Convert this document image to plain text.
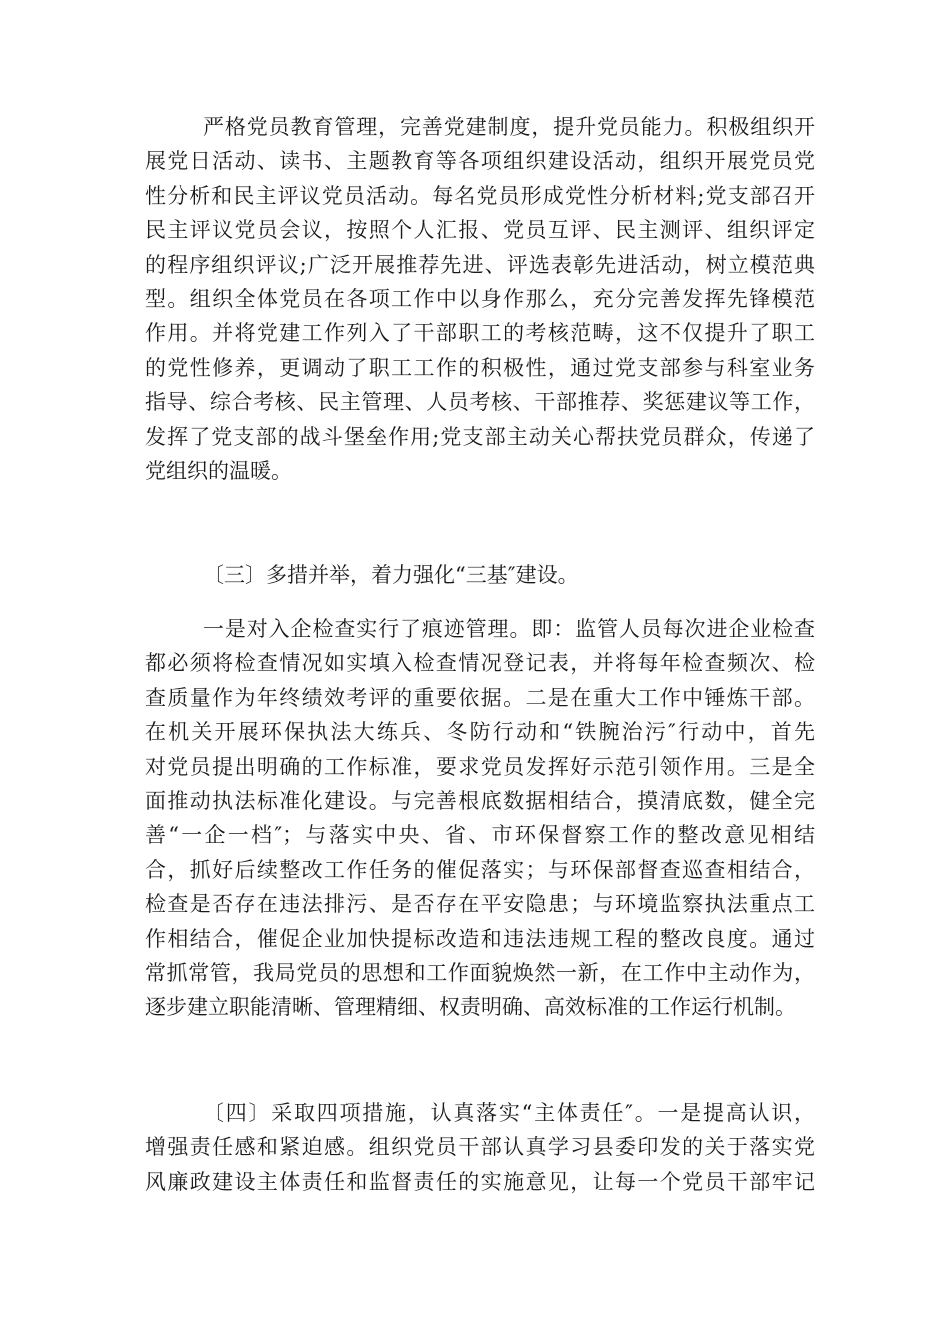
严格党员教育管理，完善党建制度，提升党员能力。积极组织开
展党日活动、读书、主题教育等各项组织建设活动，组织开展党员党
性分析和民主评议党员活动。每名党员形成党性分析材料;党支部召开
民主评议党员会议，按照个人汇报、党员互评、民主测评、组织评定
的程序组织评议;广泛开展推荐先进、评选表彰先进活动，树立模范典
型。组织全体党员在各项工作中以身作那么，充分完善发挥先锋模范
作用。并将党建工作列入了干部职工的考核范畴，这不仅提升了职工
的党性修养，更调动了职工工作的积极性，通过党支部参与科室业务
指导、综合考核、民主管理、人员考核、干部推荐、奖惩建议等工作，
发挥了党支部的战斗堡垒作用;党支部主动关心帮扶党员群众，传递了
党组织的温暖。
〔三〕多措并举，着力强化“三基″建设。
一是对入企检查实行了痕迹管理。即：监管人员每次进企业检查
都必须将检查情况如实填入检查情况登记表，并将每年检查频次、检
查质量作为年终绩效考评的重要依据。二是在重大工作中锤炼干部。
在机关开展环保执法大练兵、冬防行动和“铁腕治污″行动中，首先
对党员提出明确的工作标准，要求党员发挥好示范引领作用。三是全
面推动执法标准化建设。与完善根底数据相结合，摸清底数，健全完
善“一企一档″；与落实中央、省、市环保督察工作的整改意见相结
合，抓好后续整改工作任务的催促落实；与环保部督查巡查相结合，
检查是否存在违法排污、是否存在平安隐患；与环境监察执法重点工
作相结合，催促企业加快提标改造和违法违规工程的整改良度。通过
常抓常管，我局党员的思想和工作面貌焕然一新，在工作中主动作为，
逐步建立职能清晰、管理精细、权责明确、高效标准的工作运行机制。
〔四〕采取四项措施，认真落实“主体责任″。一是提高认识，
增强责任感和紧迫感。组织党员干部认真学习县委印发的关于落实党
风廉政建设主体责任和监督责任的实施意见，让每一个党员干部牢记
